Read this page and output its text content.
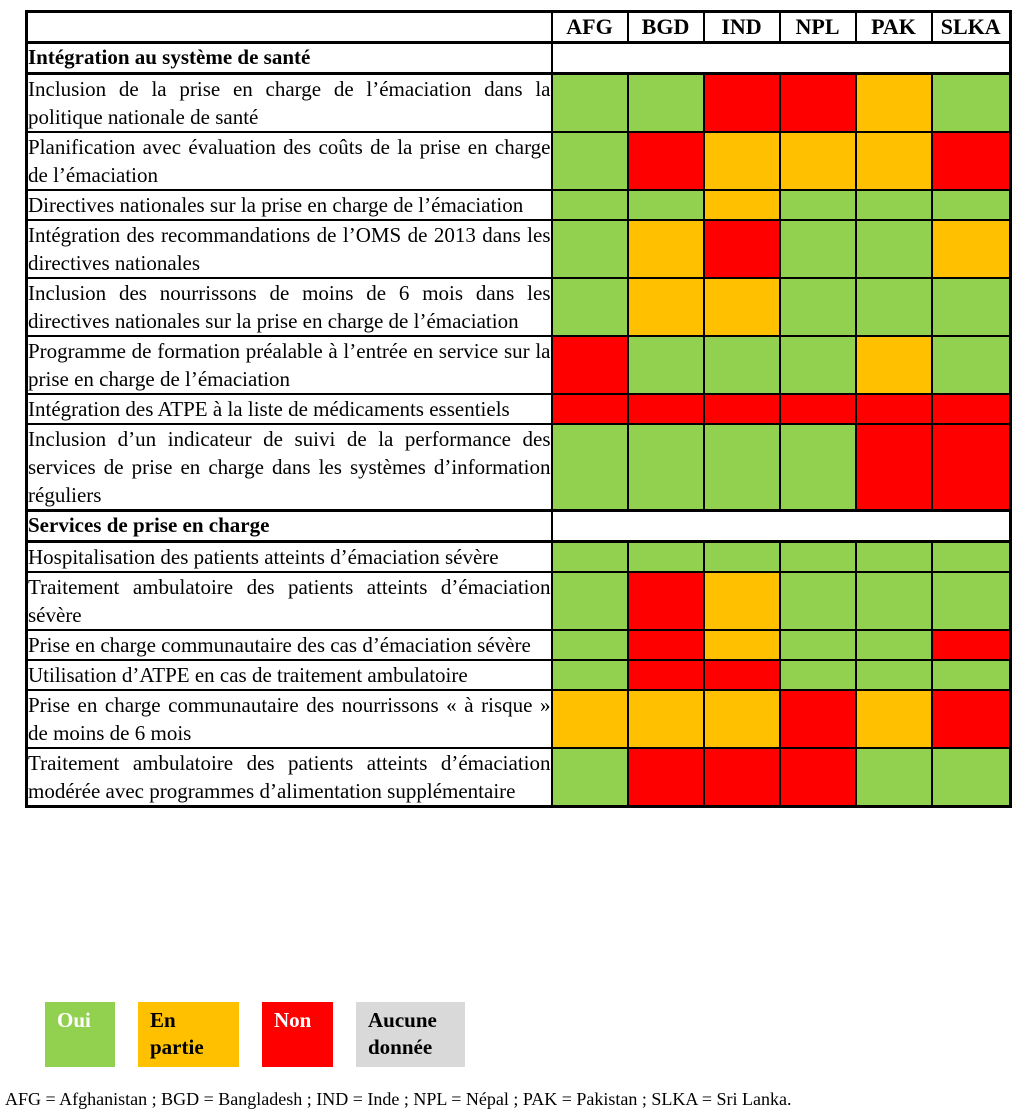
	AFG	BGD	IND	NPL	PAK	SLKA
Intégration au système de santé						
Inclusion de la prise en charge de l’émaciation dans la politique nationale de santé						
Planification avec évaluation des coûts de la prise en charge de l’émaciation						
Directives nationales sur la prise en charge de l’émaciation						
Intégration des recommandations de l’OMS de 2013 dans les directives nationales						
Inclusion des nourrissons de moins de 6 mois dans les directives nationales sur la prise en charge de l’émaciation						
Programme de formation préalable à l’entrée en service sur la prise en charge de l’émaciation						
Intégration des ATPE à la liste de médicaments essentiels						
Inclusion d’un indicateur de suivi de la performance des services de prise en charge dans les systèmes d’information réguliers						
Services de prise en charge						
Hospitalisation des patients atteints d’émaciation sévère						
Traitement ambulatoire des patients atteints d’émaciation sévère						
Prise en charge communautaire des cas d’émaciation sévère						
Utilisation d’ATPE en cas de traitement ambulatoire						
Prise en charge communautaire des nourrissons « à risque » de moins de 6 mois						
Traitement ambulatoire des patients atteints d’émaciation modérée avec programmes d’alimentation supplémentaire						
Oui	En partie
Non	Aucune donnée
AFG = Afghanistan ; BGD = Bangladesh ; IND = Inde ; NPL = Népal ; PAK = Pakistan ; SLKA = Sri Lanka.
